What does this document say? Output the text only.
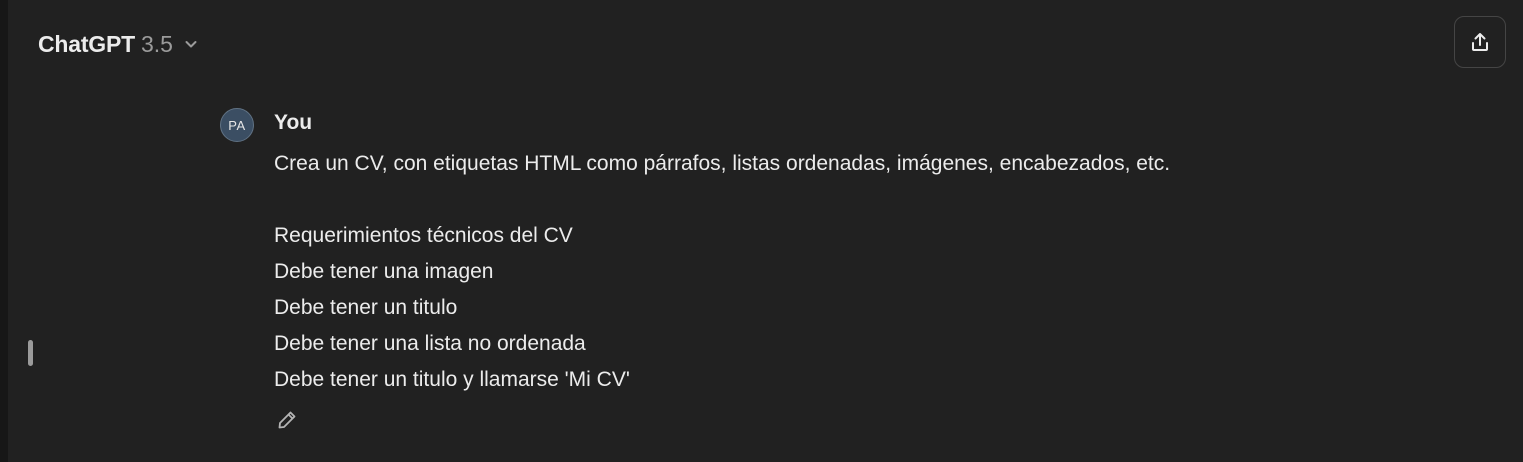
ChatGPT 3.5
PA	You
Crea un CV, con etiquetas HTML como párrafos, listas ordenadas, imágenes, encabezados, etc.
Requerimientos técnicos del CV
Debe tener una imagen
Debe tener un titulo
Debe tener una lista no ordenada
Debe tener un titulo y llamarse 'Mi CV'
